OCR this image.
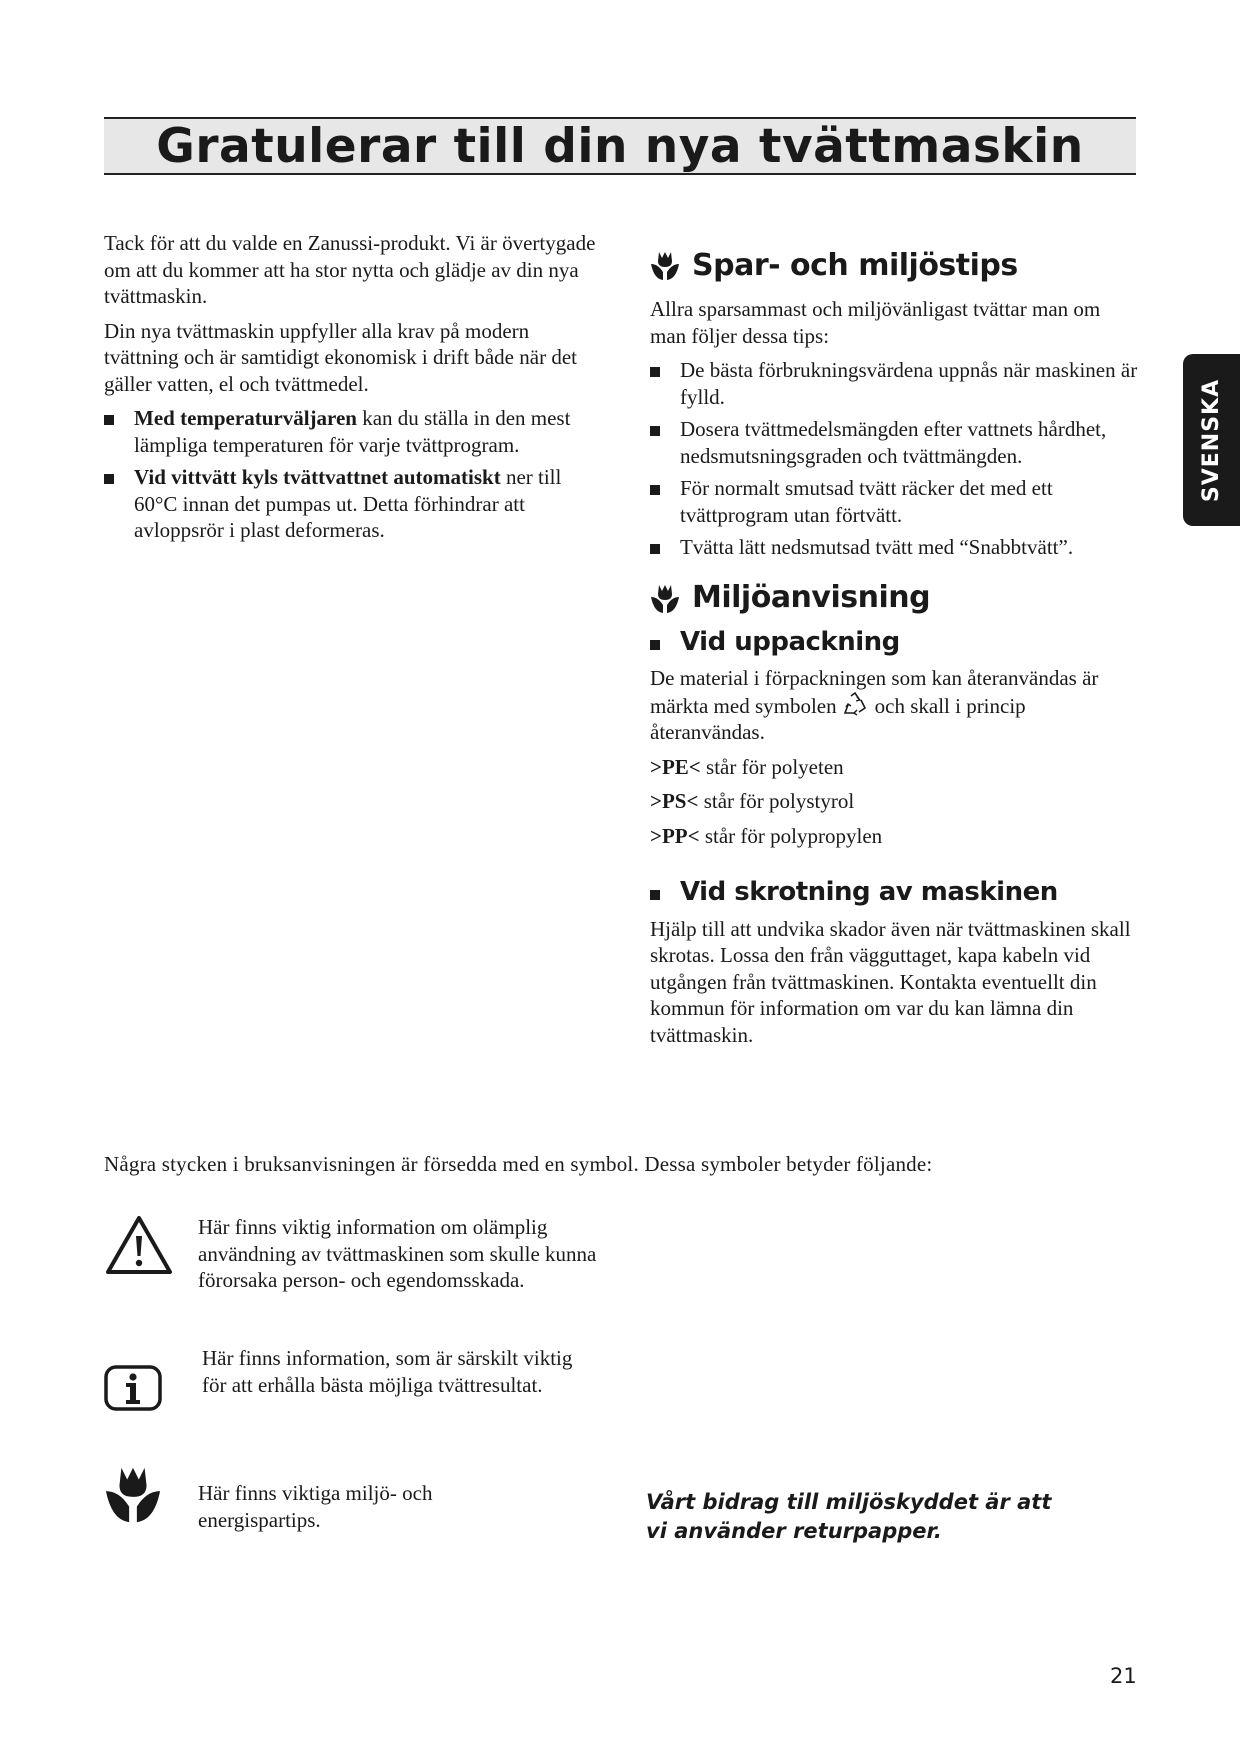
Gratulerar till din nya tvättmaskin
SVENSKA

Tack för att du valde en Zanussi-produkt. Vi är övertygade om att du kommer att ha stor nytta och glädje av din nya tvättmaskin.

Din nya tvättmaskin uppfyller alla krav på modern tvättning och är samtidigt ekonomisk i drift både när det gäller vatten, el och tvättmedel.

Med temperaturväljaren kan du ställa in den mest lämpliga temperaturen för varje tvättprogram.
Vid vittvätt kyls tvättvattnet automatiskt ner till 60°C innan det pumpas ut. Detta förhindrar att avloppsrör i plast deformeras.
Spar- och miljöstips

Allra sparsammast och miljövänligast tvättar man om man följer dessa tips:

De bästa förbrukningsvärdena uppnås när maskinen är fylld.
Dosera tvättmedelsmängden efter vattnets hårdhet, nedsmutsningsgraden och tvättmängden.
För normalt smutsad tvätt räcker det med ett tvättprogram utan förtvätt.
Tvätta lätt nedsmutsad tvätt med “Snabbtvätt”.
Miljöanvisning
Vid uppackning

De material i förpackningen som kan återanvändas är märkta med symbolen och skall i princip återanvändas.

>PE< står för polyeten

>PS< står för polystyrol

>PP< står för polypropylen

Vid skrotning av maskinen

Hjälp till att undvika skador även när tvättmaskinen skall skrotas. Lossa den från vägguttaget, kapa kabeln vid utgången från tvättmaskinen. Kontakta eventuellt din kommun för information om var du kan lämna din tvättmaskin.

Några stycken i bruksanvisningen är försedda med en symbol. Dessa symboler betyder följande:
Här finns viktig information om olämplig användning av tvättmaskinen som skulle kunna förorsaka person- och egendomsskada.
Här finns information, som är särskilt viktig för att erhålla bästa möjliga tvättresultat.
Här finns viktiga miljö- och energispartips.
Vårt bidrag till miljöskyddet är att
vi använder returpapper.
21
